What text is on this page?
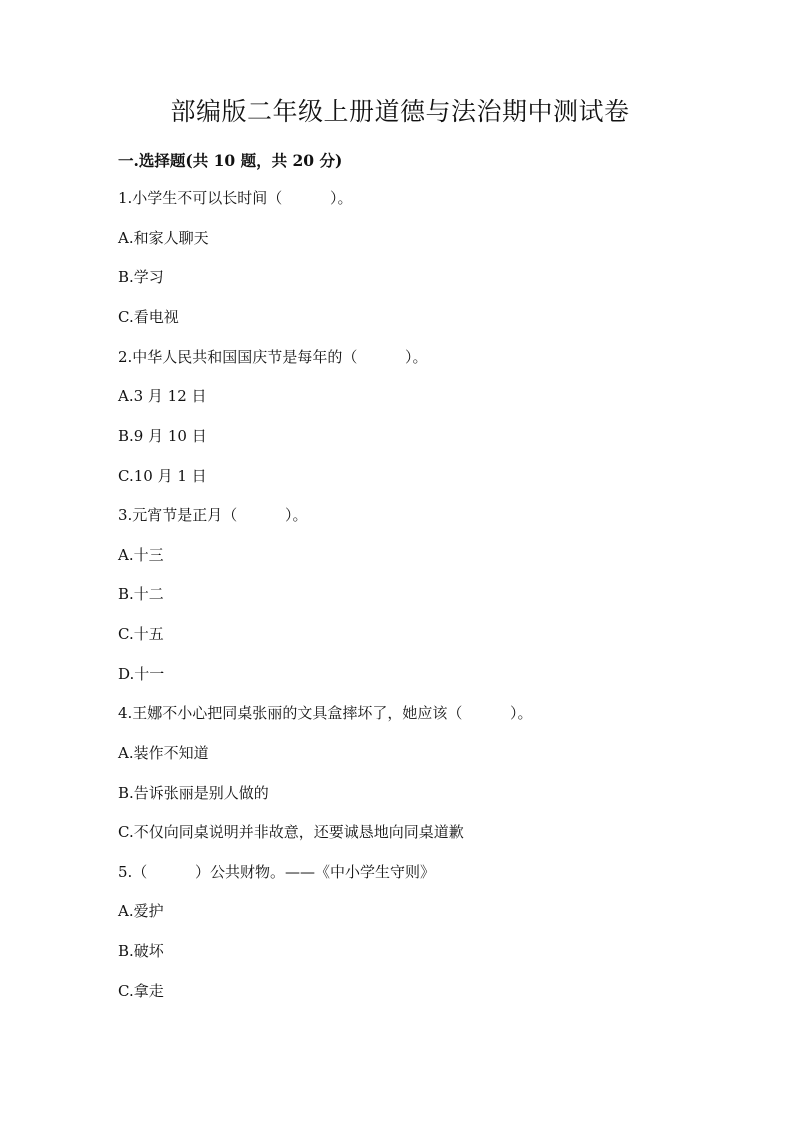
部编版二年级上册道德与法治期中测试卷
一.选择题(共 10 题，共 20 分)
1.小学生不可以长时间（          ）。
A.和家人聊天
B.学习
C.看电视
2.中华人民共和国国庆节是每年的（          ）。
A.3 月 12 日
B.9 月 10 日
C.10 月 1 日
3.元宵节是正月（          ）。
A.十三
B.十二
C.十五
D.十一
4.王娜不小心把同桌张丽的文具盒摔坏了，她应该（          ）。
A.装作不知道
B.告诉张丽是别人做的
C.不仅向同桌说明并非故意，还要诚恳地向同桌道歉
5.（          ）公共财物。——《中小学生守则》
A.爱护
B.破坏
C.拿走
